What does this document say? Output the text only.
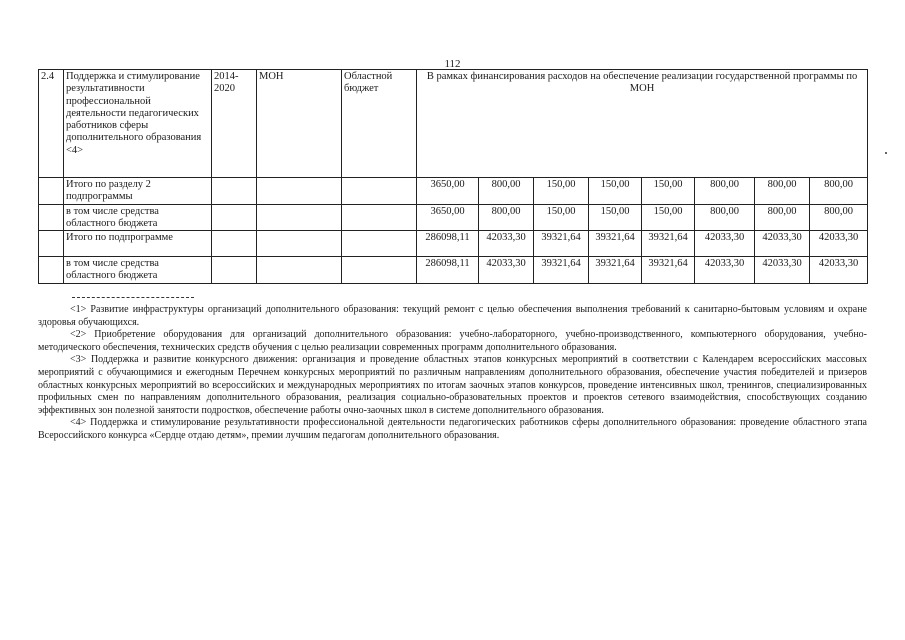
112
2.4	Поддержка и стимулирование результативности профессиональной деятельности педагогических работников сферы дополнительного образования <4>	2014-2020	МОН	Областной бюджет	В рамках финансирования расходов на обеспечение реализации государственной программы по МОН							
	Итого по разделу 2 подпрограммы				3650,00	800,00	150,00	150,00	150,00	800,00	800,00	800,00
	в том числе средства областного бюджета				3650,00	800,00	150,00	150,00	150,00	800,00	800,00	800,00
	Итого по подпрограмме				286098,11	42033,30	39321,64	39321,64	39321,64	42033,30	42033,30	42033,30
	в том числе средства областного бюджета				286098,11	42033,30	39321,64	39321,64	39321,64	42033,30	42033,30	42033,30

<1> Развитие инфраструктуры организаций дополнительного образования: текущий ремонт с целью обеспечения выполнения требований к санитарно-бытовым условиям и охране здоровья обучающихся.

<2> Приобретение оборудования для организаций дополнительного образования: учебно-лабораторного, учебно-производственного, компьютерного оборудования, учебно-методического обеспечения, технических средств обучения с целью реализации современных программ дополнительного образования.

<3> Поддержка и развитие конкурсного движения: организация и проведение областных этапов конкурсных мероприятий в соответствии с Календарем всероссийских массовых мероприятий с обучающимися и ежегодным Перечнем конкурсных мероприятий по различным направлениям дополнительного образования, обеспечение участия победителей и призеров областных конкурсных мероприятий во всероссийских и международных мероприятиях по итогам заочных этапов конкурсов, проведение интенсивных школ, тренингов, специализированных профильных смен по направлениям дополнительного образования, реализация социально-образовательных проектов и проектов сетевого взаимодействия, способствующих созданию эффективных зон полезной занятости подростков, обеспечение работы очно-заочных школ в системе дополнительного образования.

<4> Поддержка и стимулирование результативности профессиональной деятельности педагогических работников сферы дополнительного образования: проведение областного этапа Всероссийского конкурса «Сердце отдаю детям», премии лучшим педагогам дополнительного образования.
